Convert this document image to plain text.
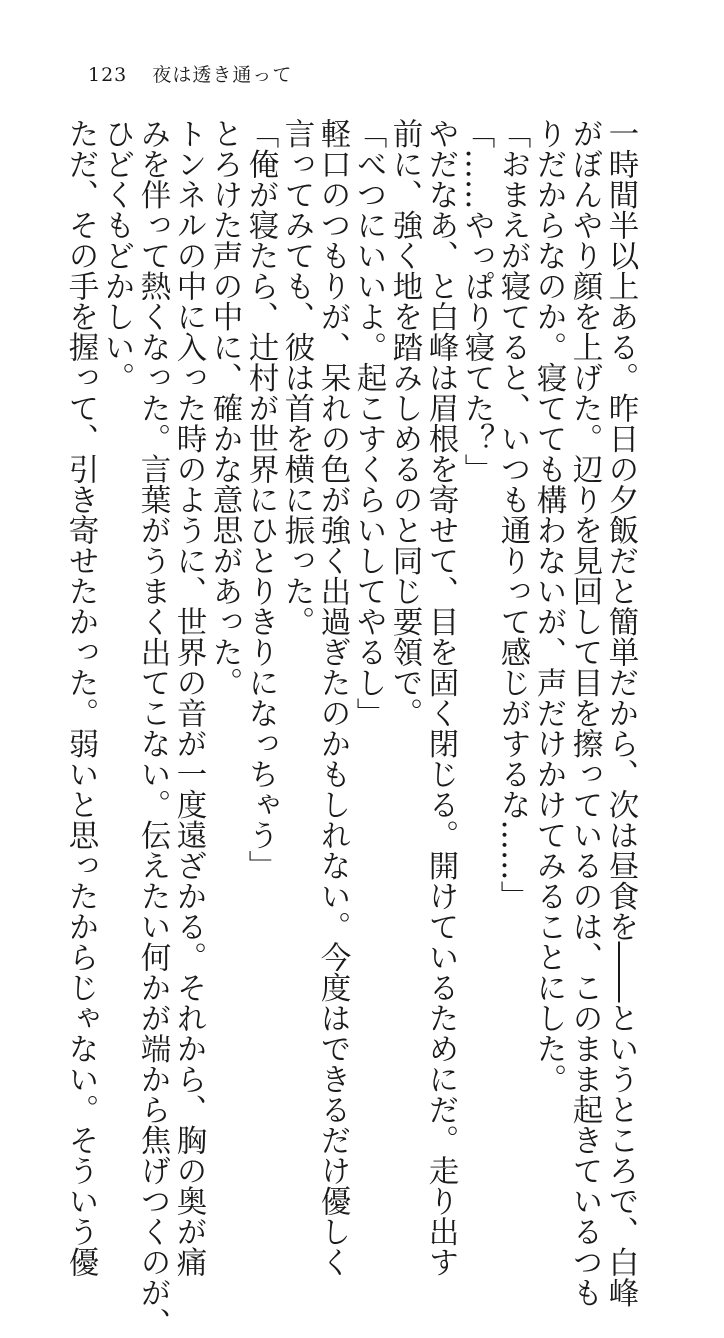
123 夜は透き通って

一時間半以上ある。昨日の夕飯だと簡単だから、次は昼食を――というところで、白峰

がぼんやり顔を上げた。辺りを見回して目を擦っているのは、このまま起きているつも

りだからなのか。寝てても構わないが、声だけかけてみることにした。

「おまえが寝てると、いつも通りって感じがするな……」

「……やっぱり寝てた？」

やだなあ、と白峰は眉根を寄せて、目を固く閉じる。開けているためにだ。走り出す

前に、強く地を踏みしめるのと同じ要領で。

「べつにいいよ。起こすくらいしてやるし」

軽口のつもりが、呆れの色が強く出過ぎたのかもしれない。今度はできるだけ優しく

言ってみても、彼は首を横に振った。

「俺が寝たら、辻村が世界にひとりきりになっちゃう」

とろけた声の中に、確かな意思があった。

トンネルの中に入った時のように、世界の音が一度遠ざかる。それから、胸の奥が痛

みを伴って熱くなった。言葉がうまく出てこない。伝えたい何かが端から焦げつくのが、

ひどくもどかしい。

ただ、その手を握って、引き寄せたかった。弱いと思ったからじゃない。そういう優
